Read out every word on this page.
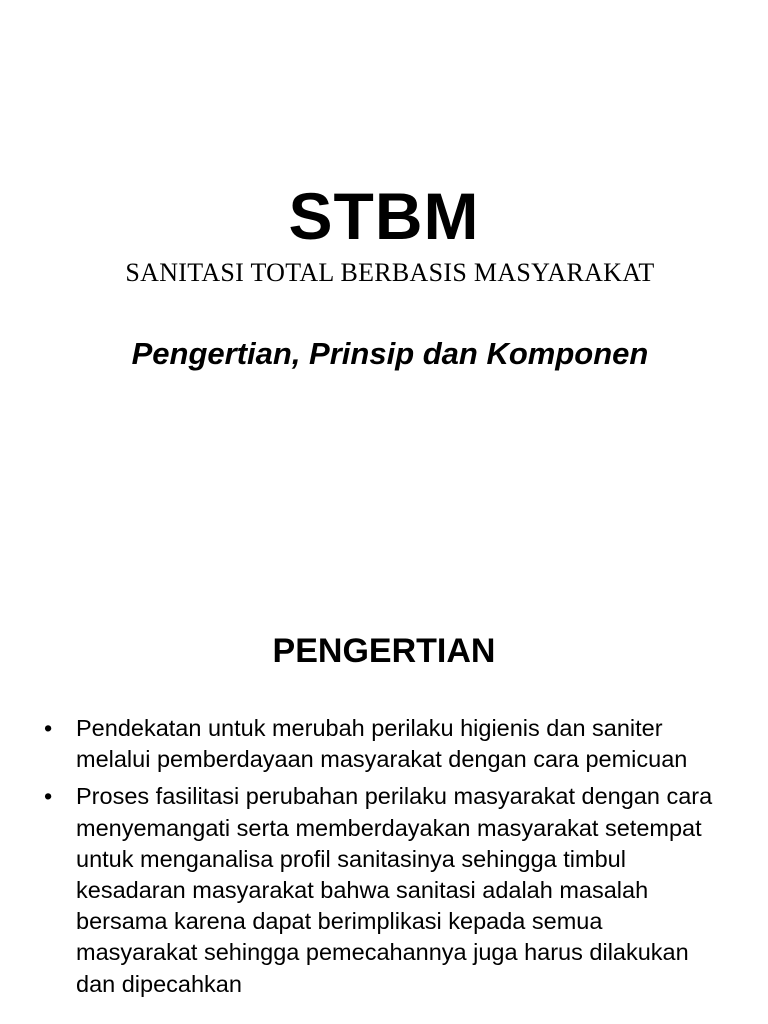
STBM
SANITASI TOTAL BERBASIS MASYARAKAT
Pengertian, Prinsip dan Komponen
PENGERTIAN
•	Pendekatan untuk merubah perilaku higienis dan saniter melalui pemberdayaan masyarakat dengan cara pemicuan
•	Proses fasilitasi perubahan perilaku masyarakat dengan cara menyemangati serta memberdayakan masyarakat setempat untuk menganalisa profil sanitasinya sehingga timbul kesadaran masyarakat bahwa sanitasi adalah masalah bersama karena dapat berimplikasi kepada semua masyarakat sehingga pemecahannya juga harus dilakukan dan dipecahkan
